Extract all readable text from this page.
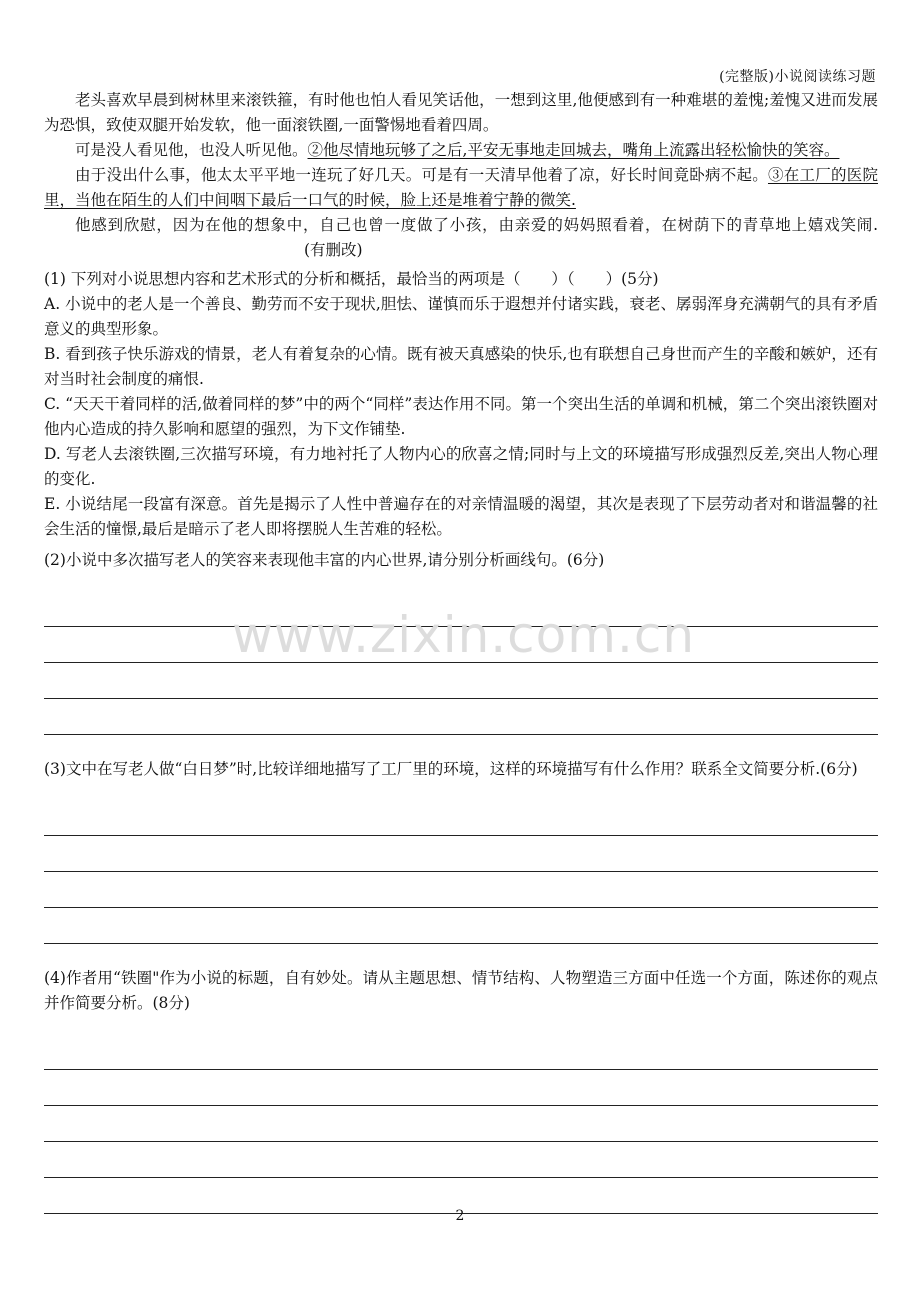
(完整版)小说阅读练习题

老头喜欢早晨到树林里来滚铁箍，有时他也怕人看见笑话他，一想到这里,他便感到有一种难堪的羞愧;羞愧又进而发展为恐惧，致使双腿开始发软，他一面滚铁圈,一面警惕地看着四周。

可是没人看见他，也没人听见他。②他尽情地玩够了之后,平安无事地走回城去，嘴角上流露出轻松愉快的笑容。

由于没出什么事，他太太平平地一连玩了好几天。可是有一天清早他着了凉，好长时间竟卧病不起。③在工厂的医院里，当他在陌生的人们中间咽下最后一口气的时候，脸上还是堆着宁静的微笑.

他感到欣慰，因为在他的想象中，自己也曾一度做了小孩，由亲爱的妈妈照看着，在树荫下的青草地上嬉戏笑闹.(有删改)

(1) 下列对小说思想内容和艺术形式的分析和概括，最恰当的两项是（　　）（　　）(5分)

A. 小说中的老人是一个善良、勤劳而不安于现状,胆怯、谨慎而乐于遐想并付诸实践，衰老、孱弱浑身充满朝气的具有矛盾意义的典型形象。

B. 看到孩子快乐游戏的情景，老人有着复杂的心情。既有被天真感染的快乐,也有联想自己身世而产生的辛酸和嫉妒，还有对当时社会制度的痛恨.

C. “天天干着同样的活,做着同样的梦”中的两个“同样”表达作用不同。第一个突出生活的单调和机械，第二个突出滚铁圈对他内心造成的持久影响和愿望的强烈，为下文作铺垫.

D. 写老人去滚铁圈,三次描写环境，有力地衬托了人物内心的欣喜之情;同时与上文的环境描写形成强烈反差,突出人物心理的变化.

E. 小说结尾一段富有深意。首先是揭示了人性中普遍存在的对亲情温暖的渴望，其次是表现了下层劳动者对和谐温馨的社会生活的憧憬,最后是暗示了老人即将摆脱人生苦难的轻松。

(2)小说中多次描写老人的笑容来表现他丰富的内心世界,请分别分析画线句。(6分)

(3)文中在写老人做“白日梦”时,比较详细地描写了工厂里的环境，这样的环境描写有什么作用？联系全文简要分析.(6分)

(4)作者用“铁圈"作为小说的标题，自有妙处。请从主题思想、情节结构、人物塑造三方面中任选一个方面，陈述你的观点并作简要分析。(8分)

www.zixin.com.cn
2
